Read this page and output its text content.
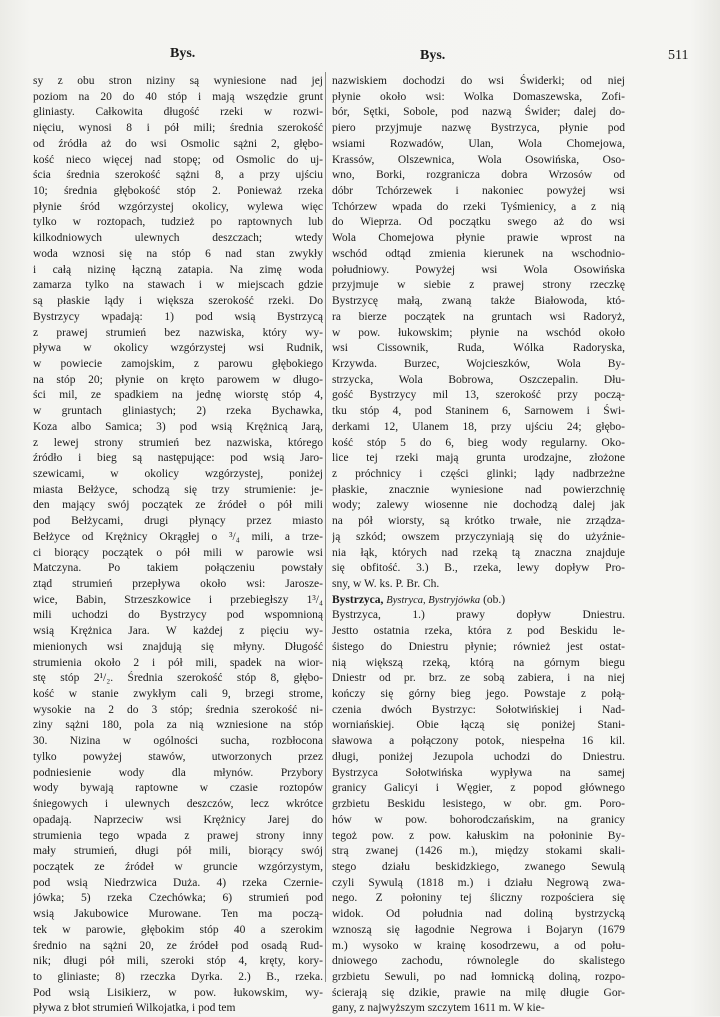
Bys.	Bys.	511
sy z obu stron niziny są wyniesione nad jej
poziom na 20 do 40 stóp i mają wszędzie grunt
gliniasty. Całkowita długość rzeki w rozwi-
nięciu, wynosi 8 i pół mili; średnia szerokość
od źródła aż do wsi Osmolic sążni 2, głębo-
kość nieco więcej nad stopę; od Osmolic do uj-
ścia średnia szerokość sążni 8, a przy ujściu
10; średnia głębokość stóp 2. Ponieważ rzeka
płynie śród wzgórzystej okolicy, wylewa więc
tylko w roztopach, tudzież po raptownych lub
kilkodniowych ulewnych deszczach; wtedy
woda wznosi się na stóp 6 nad stan zwykły
i całą nizinę łączną zatapia. Na zimę woda
zamarza tylko na stawach i w miejscach gdzie
są płaskie lądy i większa szerokość rzeki. Do
Bystrzycy wpadają: 1) pod wsią Bystrzycą
z prawej strumień bez nazwiska, który wy-
pływa w okolicy wzgórzystej wsi Rudnik,
w powiecie zamojskim, z parowu głębokiego
na stóp 20; płynie on kręto parowem w długo-
ści mil, ze spadkiem na jednę wiorstę stóp 4,
w gruntach gliniastych; 2) rzeka Bychawka,
Koza albo Samica; 3) pod wsią Krężnicą Jarą,
z lewej strony strumień bez nazwiska, którego
źródło i bieg są następujące: pod wsią Jaro-
szewicami, w okolicy wzgórzystej, poniżej
miasta Bełżyce, schodzą się trzy strumienie: je-
den mający swój początek ze źródeł o pół mili
pod Bełżycami, drugi płynący przez miasto
Bełżyce od Krężnicy Okrągłej o ³/₄ mili, a trze-
ci biorący początek o pół mili w parowie wsi
Matczyna. Po takiem połączeniu powstały
ztąd strumień przepływa około wsi: Jarosze-
wice, Babin, Strzeszkowice i przebiegłszy 1³/₄
mili uchodzi do Bystrzycy pod wspomnioną
wsią Krężnica Jara. W każdej z pięciu wy-
mienionych wsi znajdują się młyny. Długość
strumienia około 2 i pół mili, spadek na wior-
stę stóp 2¹/₂. Średnia szerokość stóp 8, głębo-
kość w stanie zwykłym cali 9, brzegi strome,
wysokie na 2 do 3 stóp; średnia szerokość ni-
ziny sążni 180, pola za nią wzniesione na stóp
30. Nizina w ogólności sucha, rozbłocona
tylko powyżej stawów, utworzonych przez
podniesienie wody dla młynów. Przybory
wody bywają raptowne w czasie roztopów
śniegowych i ulewnych deszczów, lecz wkrótce
opadają. Naprzeciw wsi Krężnicy Jarej do
strumienia tego wpada z prawej strony inny
mały strumień, długi pół mili, biorący swój
początek ze źródeł w gruncie wzgórzystym,
pod wsią Niedrzwica Duża. 4) rzeka Czernie-
jówka; 5) rzeka Czechówka; 6) strumień pod
wsią Jakubowice Murowane. Ten ma począ-
tek w parowie, głębokim stóp 40 a szerokim
średnio na sążni 20, ze źródeł pod osadą Rud-
nik; długi pół mili, szeroki stóp 4, kręty, kory-
to gliniaste; 8) rzeczka Dyrka. 2.) B., rzeka.
Pod wsią Lisikierz, w pow. łukowskim, wy-
pływa z błot strumień Wilkojatka, i pod tem
nazwiskiem dochodzi do wsi Świderki; od niej
płynie około wsi: Wolka Domaszewska, Zofi-
bór, Sętki, Sobole, pod nazwą Świder; dalej do-
piero przyjmuje nazwę Bystrzyca, płynie pod
wsiami Rozwadów, Ulan, Wola Chomejowa,
Krassów, Olszewnica, Wola Osowińska, Oso-
wno, Borki, rozgranicza dobra Wrzosów od
dóbr Tchórzewek i nakoniec powyżej wsi
Tchórzew wpada do rzeki Tyśmienicy, a z nią
do Wieprza. Od początku swego aż do wsi
Wola Chomejowa płynie prawie wprost na
wschód odtąd zmienia kierunek na wschodnio-
południowy. Powyżej wsi Wola Osowińska
przyjmuje w siebie z prawej strony rzeczkę
Bystrzycę małą, zwaną także Białowoda, któ-
ra bierze początek na gruntach wsi Radoryż,
w pow. łukowskim; płynie na wschód około
wsi Cissownik, Ruda, Wólka Radoryska,
Krzywda. Burzec, Wojcieszków, Wola By-
strzycka, Wola Bobrowa, Oszczepalin. Dłu-
gość Bystrzycy mil 13, szerokość przy począ-
tku stóp 4, pod Staninem 6, Sarnowem i Świ-
derkami 12, Ulanem 18, przy ujściu 24; głębo-
kość stóp 5 do 6, bieg wody regularny. Oko-
lice tej rzeki mają grunta urodzajne, złożone
z próchnicy i części glinki; lądy nadbrzeżne
płaskie, znacznie wyniesione nad powierzchnię
wody; zalewy wiosenne nie dochodzą dalej jak
na pół wiorsty, są krótko trwałe, nie zrządza-
ją szkód; owszem przyczyniają się do użyźnie-
nia łąk, których nad rzeką tą znaczna znajduje
się obfitość. 3.) B., rzeka, lewy dopływ Pro-
sny, w W. ks. P. Br. Ch.
Bystrzyca, Bystryca, Bystryjówka (ob.)
Bystrzyca, 1.) prawy dopływ Dniestru.
Jestto ostatnia rzeka, która z pod Beskidu le-
śistego do Dniestru płynie; również jest ostat-
nią większą rzeką, którą na górnym biegu
Dniestr od pr. brz. ze sobą zabiera, i na niej
kończy się górny bieg jego. Powstaje z połą-
czenia dwóch Bystrzyc: Sołotwińskiej i Nad-
worniańskiej. Obie łączą się poniżej Stani-
sławowa a połączony potok, niespełna 16 kil.
długi, poniżej Jezupola uchodzi do Dniestru.
Bystrzyca Sołotwińska wypływa na samej
granicy Galicyi i Węgier, z popod głównego
grzbietu Beskidu lesistego, w obr. gm. Poro-
hów w pow. bohorodczańskim, na granicy
tegoż pow. z pow. kałuskim na połoninie By-
strą zwanej (1426 m.), między stokami skali-
stego działu beskidzkiego, zwanego Sewulą
czyli Sywulą (1818 m.) i działu Negrową zwa-
nego. Z połoniny tej śliczny rozpościera się
widok. Od południa nad doliną bystrzycką
wznoszą się łagodnie Negrowa i Bojaryn (1679
m.) wysoko w krainę kosodrzewu, a od połu-
dniowego zachodu, równolegle do skalistego
grzbietu Sewuli, po nad łomnicką doliną, rozpo-
ścierają się dzikie, prawie na milę długie Gor-
gany, z najwyższym szczytem 1611 m. W kie-
